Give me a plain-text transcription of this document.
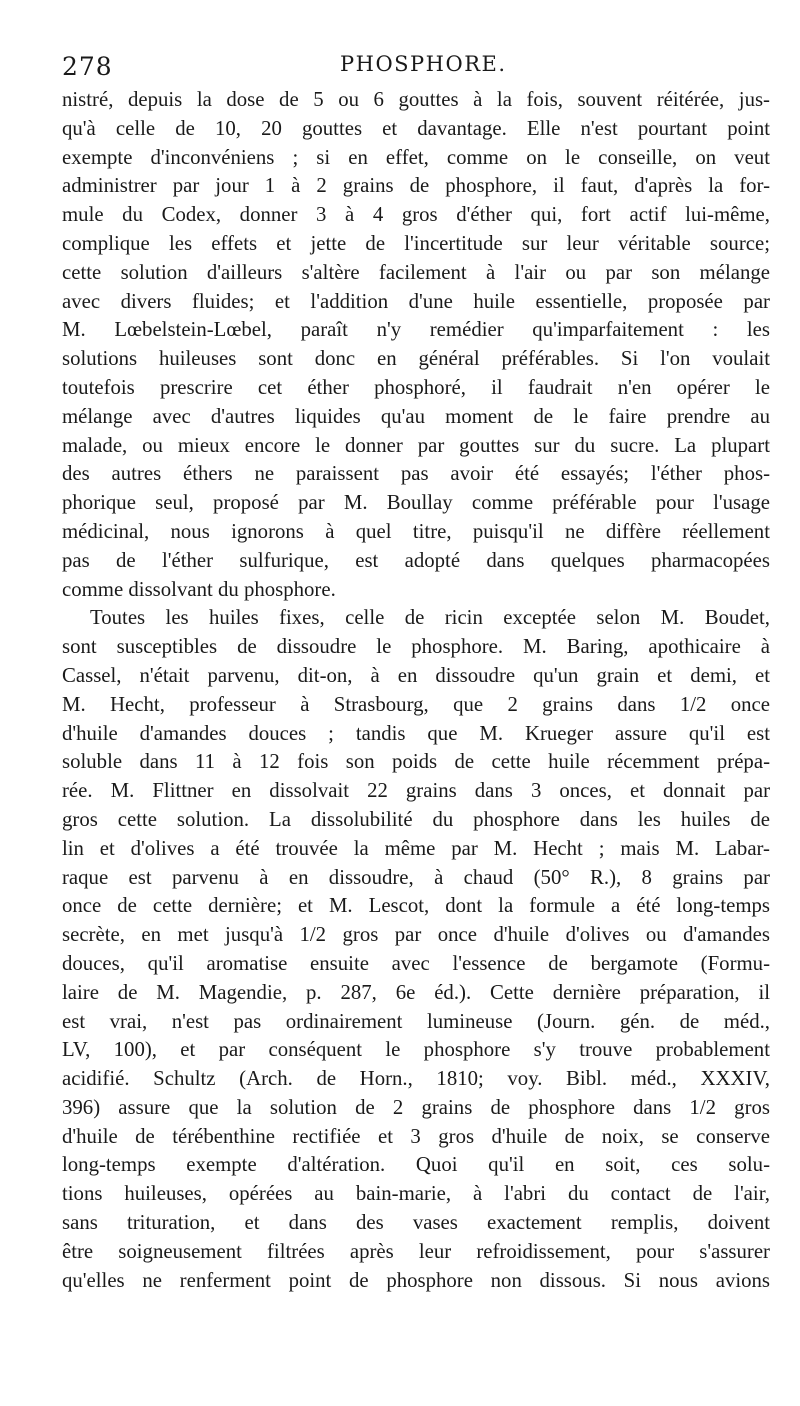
278	PHOSPHORE.
nistré, depuis la dose de 5 ou 6 gouttes à la fois, souvent réitérée, jus-
qu'à celle de 10, 20 gouttes et davantage. Elle n'est pourtant point
exempte d'inconvéniens ; si en effet, comme on le conseille, on veut
administrer par jour 1 à 2 grains de phosphore, il faut, d'après la for-
mule du Codex, donner 3 à 4 gros d'éther qui, fort actif lui-même,
complique les effets et jette de l'incertitude sur leur véritable source;
cette solution d'ailleurs s'altère facilement à l'air ou par son mélange
avec divers fluides; et l'addition d'une huile essentielle, proposée par
M. Lœbelstein-Lœbel, paraît n'y remédier qu'imparfaitement : les
solutions huileuses sont donc en général préférables. Si l'on voulait
toutefois prescrire cet éther phosphoré, il faudrait n'en opérer le
mélange avec d'autres liquides qu'au moment de le faire prendre au
malade, ou mieux encore le donner par gouttes sur du sucre. La plupart
des autres éthers ne paraissent pas avoir été essayés; l'éther phos-
phorique seul, proposé par M. Boullay comme préférable pour l'usage
médicinal, nous ignorons à quel titre, puisqu'il ne diffère réellement
pas de l'éther sulfurique, est adopté dans quelques pharmacopées
comme dissolvant du phosphore.
Toutes les huiles fixes, celle de ricin exceptée selon M. Boudet,
sont susceptibles de dissoudre le phosphore. M. Baring, apothicaire à
Cassel, n'était parvenu, dit-on, à en dissoudre qu'un grain et demi, et
M. Hecht, professeur à Strasbourg, que 2 grains dans 1/2 once
d'huile d'amandes douces ; tandis que M. Krueger assure qu'il est
soluble dans 11 à 12 fois son poids de cette huile récemment prépa-
rée. M. Flittner en dissolvait 22 grains dans 3 onces, et donnait par
gros cette solution. La dissolubilité du phosphore dans les huiles de
lin et d'olives a été trouvée la même par M. Hecht ; mais M. Labar-
raque est parvenu à en dissoudre, à chaud (50° R.), 8 grains par
once de cette dernière; et M. Lescot, dont la formule a été long-temps
secrète, en met jusqu'à 1/2 gros par once d'huile d'olives ou d'amandes
douces, qu'il aromatise ensuite avec l'essence de bergamote (Formu-
laire de M. Magendie, p. 287, 6e éd.). Cette dernière préparation, il
est vrai, n'est pas ordinairement lumineuse (Journ. gén. de méd.,
LV, 100), et par conséquent le phosphore s'y trouve probablement
acidifié. Schultz (Arch. de Horn., 1810; voy. Bibl. méd., XXXIV,
396) assure que la solution de 2 grains de phosphore dans 1/2 gros
d'huile de térébenthine rectifiée et 3 gros d'huile de noix, se conserve
long-temps exempte d'altération. Quoi qu'il en soit, ces solu-
tions huileuses, opérées au bain-marie, à l'abri du contact de l'air,
sans trituration, et dans des vases exactement remplis, doivent
être soigneusement filtrées après leur refroidissement, pour s'assurer
qu'elles ne renferment point de phosphore non dissous. Si nous avions
